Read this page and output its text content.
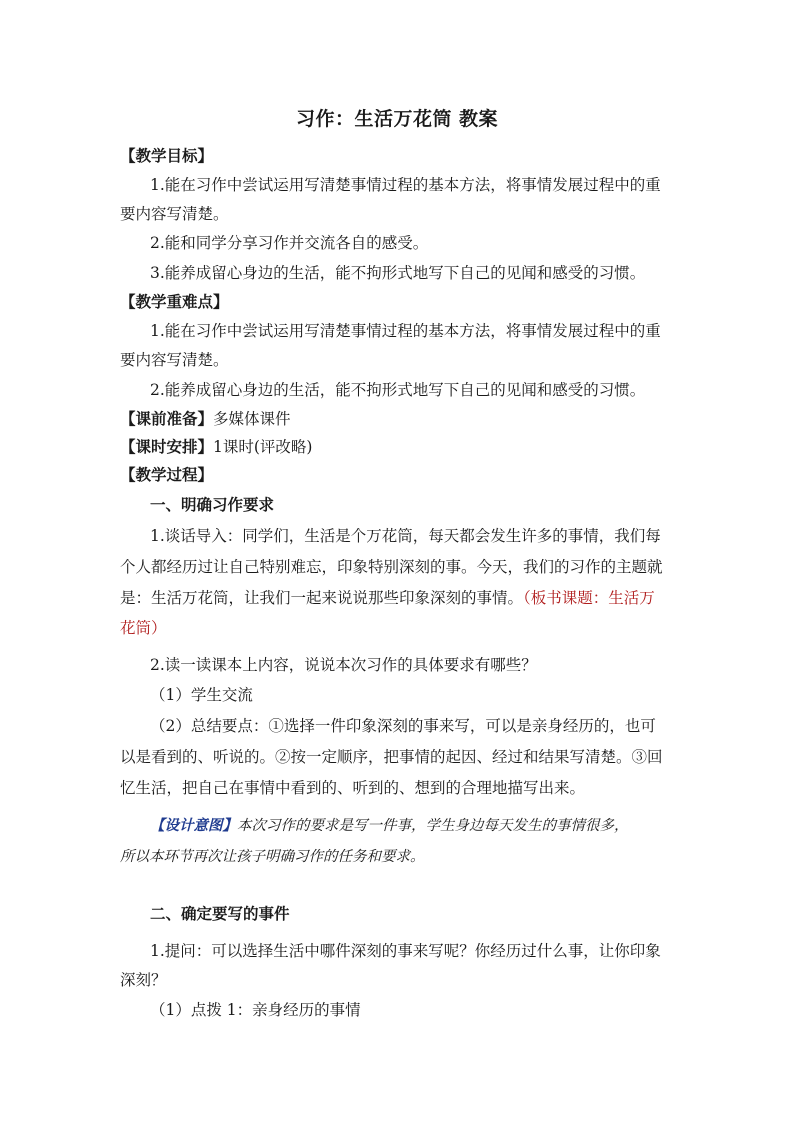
习作：生活万花筒 教案
【教学目标】
1.能在习作中尝试运用写清楚事情过程的基本方法，将事情发展过程中的重
要内容写清楚。
2.能和同学分享习作并交流各自的感受。
3.能养成留心身边的生活，能不拘形式地写下自己的见闻和感受的习惯。
【教学重难点】
1.能在习作中尝试运用写清楚事情过程的基本方法，将事情发展过程中的重
要内容写清楚。
2.能养成留心身边的生活，能不拘形式地写下自己的见闻和感受的习惯。
【课前准备】多媒体课件
【课时安排】1课时(评改略)
【教学过程】
一、明确习作要求
1.谈话导入：同学们，生活是个万花筒，每天都会发生许多的事情，我们每
个人都经历过让自己特别难忘，印象特别深刻的事。今天，我们的习作的主题就
是：生活万花筒，让我们一起来说说那些印象深刻的事情。（板书课题：生活万
花筒）
2.读一读课本上内容，说说本次习作的具体要求有哪些？
（1）学生交流
（2）总结要点：①选择一件印象深刻的事来写，可以是亲身经历的，也可
以是看到的、听说的。②按一定顺序，把事情的起因、经过和结果写清楚。③回
忆生活，把自己在事情中看到的、听到的、想到的合理地描写出来。
【设计意图】本次习作的要求是写一件事，学生身边每天发生的事情很多，
所以本环节再次让孩子明确习作的任务和要求。
二、确定要写的事件
1.提问：可以选择生活中哪件深刻的事来写呢？你经历过什么事，让你印象
深刻？
（1）点拨 1：亲身经历的事情
